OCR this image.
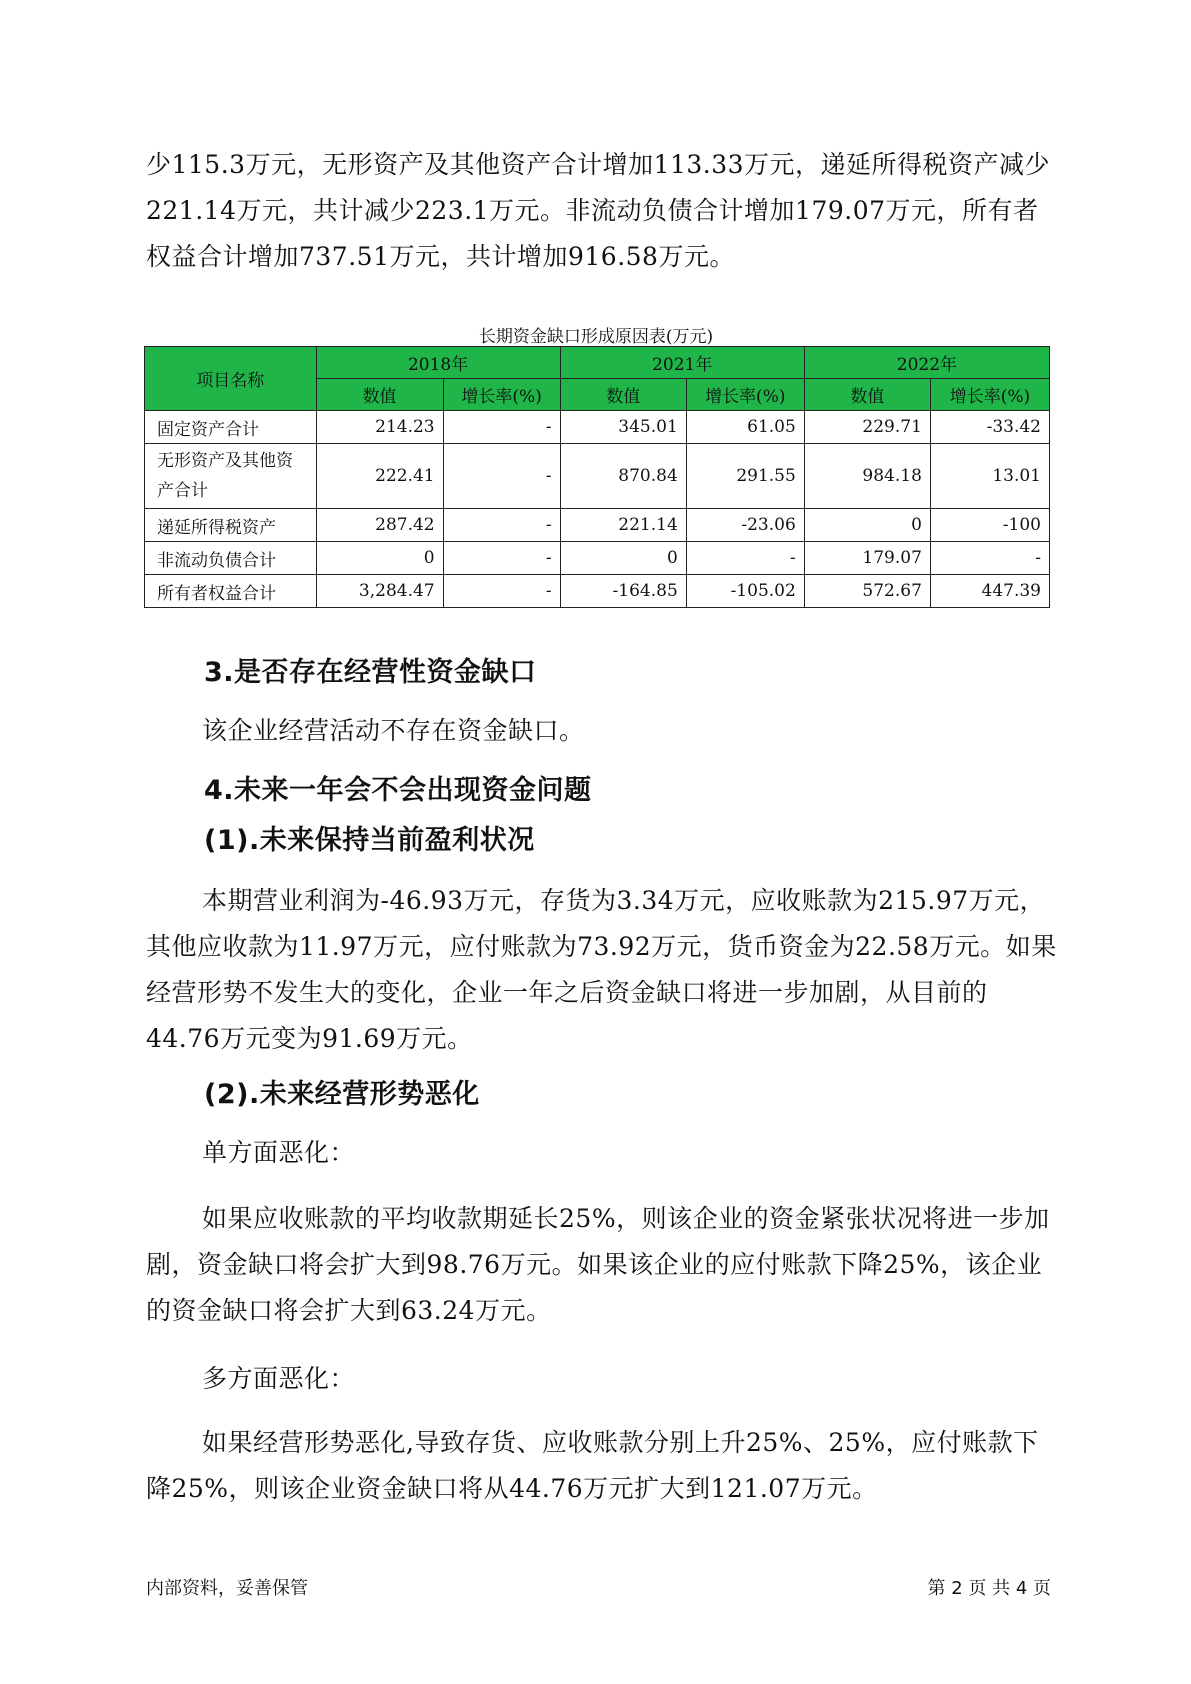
少115.3万元，无形资产及其他资产合计增加113.33万元，递延所得税资产减少221.14万元，共计减少223.1万元。非流动负债合计增加179.07万元，所有者权益合计增加737.51万元，共计增加916.58万元。
长期资金缺口形成原因表(万元)
项目名称	2018年		2021年		2022年	
	数值	增长率(%)	数值	增长率(%)	数值	增长率(%)
固定资产合计	214.23	-	345.01	61.05	229.71	-33.42
无形资产及其他资产合计	222.41	-	870.84	291.55	984.18	13.01
递延所得税资产	287.42	-	221.14	-23.06	0	-100
非流动负债合计	0	-	0	-	179.07	-
所有者权益合计	3,284.47	-	-164.85	-105.02	572.67	447.39
3.是否存在经营性资金缺口
该企业经营活动不存在资金缺口。
4.未来一年会不会出现资金问题
(1).未来保持当前盈利状况
本期营业利润为-46.93万元，存货为3.34万元，应收账款为215.97万元，其他应收款为11.97万元，应付账款为73.92万元，货币资金为22.58万元。如果经营形势不发生大的变化，企业一年之后资金缺口将进一步加剧，从目前的44.76万元变为91.69万元。
(2).未来经营形势恶化
单方面恶化：
如果应收账款的平均收款期延长25%，则该企业的资金紧张状况将进一步加剧，资金缺口将会扩大到98.76万元。如果该企业的应付账款下降25%，该企业的资金缺口将会扩大到63.24万元。
多方面恶化：
如果经营形势恶化,导致存货、应收账款分别上升25%、25%，应付账款下降25%，则该企业资金缺口将从44.76万元扩大到121.07万元。
内部资料，妥善保管	第 2 页 共 4 页
